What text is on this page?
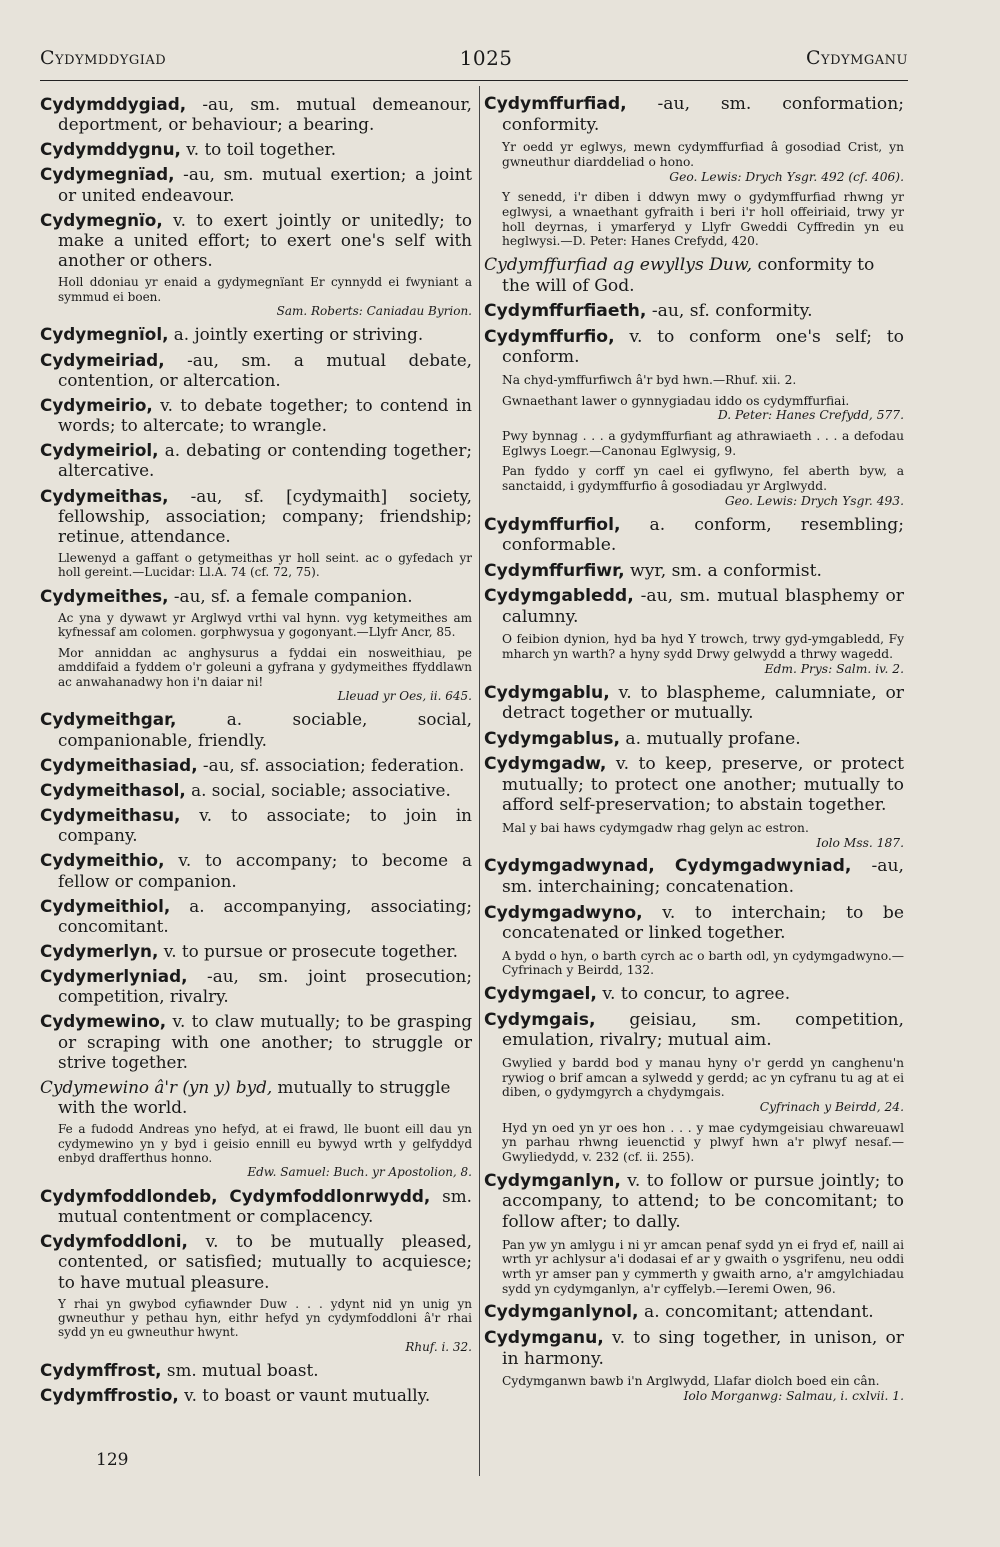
Cydymddygiad	1025	Cydymganu
Cydymddygiad, -au, sm. mutual demeanour, deportment, or behaviour; a bearing.
Cydymddygnu, v. to toil together.
Cydymegnïad, -au, sm. mutual exertion; a joint or united endeavour.
Cydymegnïo, v. to exert jointly or unitedly; to make a united effort; to exert one's self with another or others.
Holl ddoniau yr enaid a gydymegnïant Er cynnydd ei fwyniant a symmud ei boen.
Sam. Roberts: Caniadau Byrion.
Cydymegnïol, a. jointly exerting or striving.
Cydymeiriad, -au, sm. a mutual debate, contention, or altercation.
Cydymeirio, v. to debate together; to contend in words; to altercate; to wrangle.
Cydymeiriol, a. debating or contending together; altercative.
Cydymeithas, -au, sf. [cydymaith] society, fellowship, association; company; friendship; retinue, attendance.
Llewenyd a gaffant o getymeithas yr holl seint. ac o gyfedach yr holl gereint.—Lucidar: Ll.A. 74 (cf. 72, 75).
Cydymeithes, -au, sf. a female companion.
Ac yna y dywawt yr Arglwyd vrthi val hynn. vyg ketymeithes am kyfnessaf am colomen. gorphwysua y gogonyant.—Llyfr Ancr, 85.
Mor anniddan ac anghysurus a fyddai ein nosweithiau, pe amddifaid a fyddem o'r goleuni a gyfrana y gydymeithes ffyddlawn ac anwahanadwy hon i'n daiar ni!
Lleuad yr Oes, ii. 645.
Cydymeithgar,	a. sociable, social, companionable, friendly.
Cydymeithasiad, -au, sf. association; federation.
Cydymeithasol, a. social, sociable; associative.
Cydymeithasu, v. to associate; to join in company.
Cydymeithio, v. to accompany; to become a fellow or companion.
Cydymeithiol, a. accompanying, associating; concomitant.
Cydymerlyn, v. to pursue or prosecute together.
Cydymerlyniad, -au, sm. joint prosecution; competition, rivalry.
Cydymewino, v. to claw mutually; to be grasping or scraping with one another; to struggle or strive together.
Cydymewino â'r (yn y) byd, mutually to struggle with the world.
Fe a fudodd Andreas yno hefyd, at ei frawd, lle buont eill dau yn cydymewino yn y byd i geisio ennill eu bywyd wrth y gelfyddyd enbyd drafferthus honno.
Edw. Samuel: Buch. yr Apostolion, 8.
Cydymfoddlondeb, Cydymfoddlonrwydd, sm. mutual contentment or complacency.
Cydymfoddloni, v. to be mutually pleased, contented, or satisfied; mutually to acquiesce; to have mutual pleasure.
Y rhai yn gwybod cyfiawnder Duw . . . ydynt nid yn unig yn gwneuthur y pethau hyn, eithr hefyd yn cydymfoddloni â'r rhai sydd yn eu gwneuthur hwynt.
Rhuf. i. 32.
Cydymffrost, sm. mutual boast.
Cydymffrostio, v. to boast or vaunt mutually.
Cydymffurfiad, -au, sm. conformation; conformity.
Yr oedd yr eglwys, mewn cydymffurfiad â gosodiad Crist, yn gwneuthur diarddeliad o hono.
Geo. Lewis: Drych Ysgr. 492 (cf. 406).
Y senedd, i'r diben i ddwyn mwy o gydymffurfiad rhwng yr eglwysi, a wnaethant gyfraith i beri i'r holl offeiriaid, trwy yr holl deyrnas, i ymarferyd y Llyfr Gweddi Cyffredin yn eu heglwysi.—D. Peter: Hanes Crefydd, 420.
Cydymffurfiad ag ewyllys Duw, conformity to the will of God.
Cydymffurfiaeth, -au, sf. conformity.
Cydymffurfio, v. to conform one's self; to conform.
Na chyd-ymffurfiwch â'r byd hwn.—Rhuf. xii. 2.
Gwnaethant lawer o gynnygiadau iddo os cydymffurfiai.
D. Peter: Hanes Crefydd, 577.
Pwy bynnag . . . a gydymffurfiant ag athrawiaeth . . . a defodau Eglwys Loegr.—Canonau Eglwysig, 9.
Pan fyddo y corff yn cael ei gyflwyno, fel aberth byw, a sanctaidd, i gydymffurfio â gosodiadau yr Arglwydd.
Geo. Lewis: Drych Ysgr. 493.
Cydymffurfiol, a. conform, resembling; conformable.
Cydymffurfiwr, wyr, sm. a conformist.
Cydymgabledd, -au, sm. mutual blasphemy or calumny.
O feibion dynion, hyd ba hyd Y trowch, trwy gyd-ymgabledd, Fy mharch yn warth? a hyny sydd Drwy gelwydd a thrwy wagedd.
Edm. Prys: Salm. iv. 2.
Cydymgablu, v. to blaspheme, calumniate, or detract together or mutually.
Cydymgablus, a. mutually profane.
Cydymgadw, v. to keep, preserve, or protect mutually; to protect one another; mutually to afford self-preservation; to abstain together.
Mal y bai haws cydymgadw rhag gelyn ac estron.
Iolo Mss. 187.
Cydymgadwynad, Cydymgadwyniad, -au, sm. interchaining; concatenation.
Cydymgadwyno, v. to interchain; to be concatenated or linked together.
A bydd o hyn, o barth cyrch ac o barth odl, yn cydymgadwyno.—Cyfrinach y Beirdd, 132.
Cydymgael, v. to concur, to agree.
Cydymgais, geisiau, sm. competition, emulation, rivalry; mutual aim.
Gwylied y bardd bod y manau hyny o'r gerdd yn canghenu'n rywiog o brif amcan a sylwedd y gerdd; ac yn cyfranu tu ag at ei diben, o gydymgyrch a chydymgais.
Cyfrinach y Beirdd, 24.
Hyd yn oed yn yr oes hon . . . y mae cydymgeisiau chwareuawl yn parhau rhwng ieuenctid y plwyf hwn a'r plwyf nesaf.—Gwyliedydd, v. 232 (cf. ii. 255).
Cydymganlyn, v. to follow or pursue jointly; to accompany, to attend; to be concomitant; to follow after; to dally.
Pan yw yn amlygu i ni yr amcan penaf sydd yn ei fryd ef, naill ai wrth yr achlysur a'i dodasai ef ar y gwaith o ysgrifenu, neu oddi wrth yr amser pan y cymmerth y gwaith arno, a'r amgylchiadau sydd yn cydymganlyn, a'r cyffelyb.—Ieremi Owen, 96.
Cydymganlynol, a. concomitant; attendant.
Cydymganu, v. to sing together, in unison, or in harmony.
Cydymganwn bawb i'n Arglwydd, Llafar diolch boed ein cân.
Iolo Morganwg: Salmau, i. cxlvii. 1.
129
